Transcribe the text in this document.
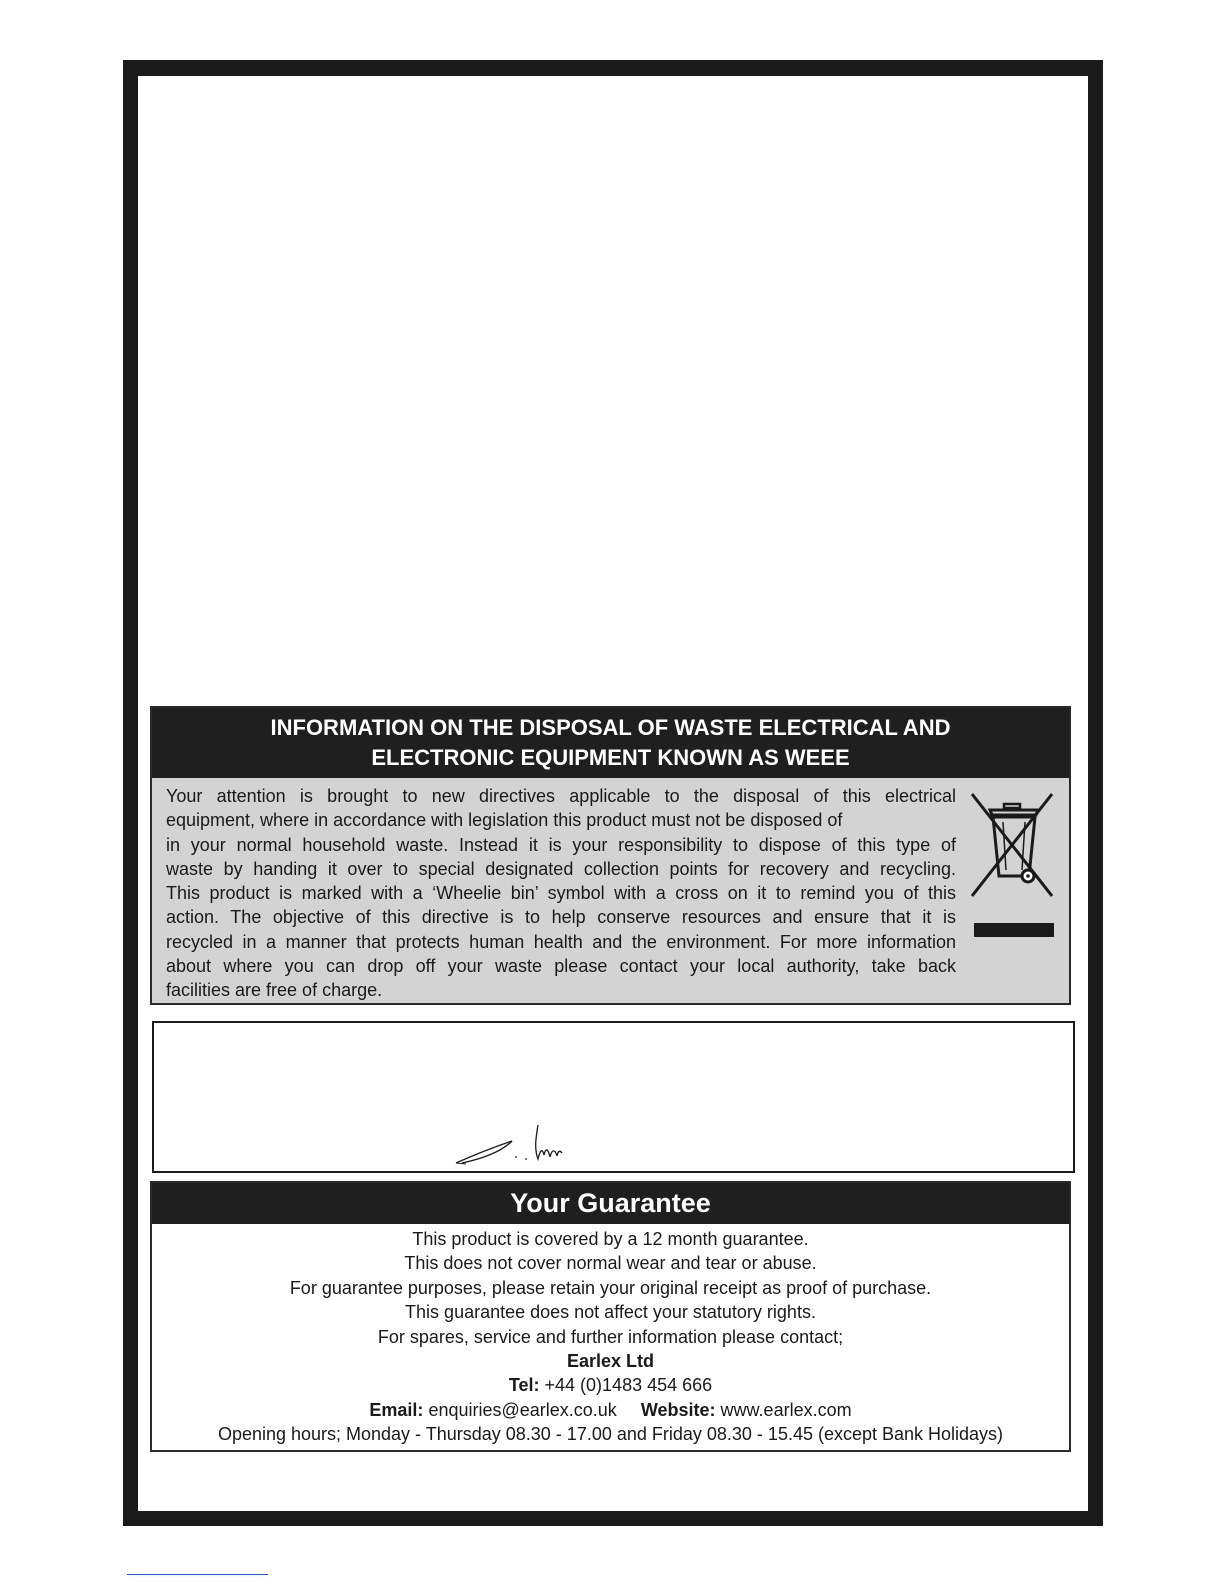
INFORMATION ON THE DISPOSAL OF WASTE ELECTRICAL AND
ELECTRONIC EQUIPMENT KNOWN AS WEEE
Your attention is brought to new directives applicable to the disposal of this electrical
equipment, where in accordance with legislation this product must not be disposed of
in your normal household waste. Instead it is your responsibility to dispose of this type of
waste by handing it over to special designated collection points for recovery and recycling.
This product is marked with a ‘Wheelie bin’ symbol with a cross on it to remind you of this
action. The objective of this directive is to help conserve resources and ensure that it is
recycled in a manner that protects human health and the environment. For more information
about where you can drop off your waste please contact your local authority, take back
facilities are free of charge.
Your Guarantee
This product is covered by a 12 month guarantee.
This does not cover normal wear and tear or abuse.
For guarantee purposes, please retain your original receipt as proof of purchase.
This guarantee does not affect your statutory rights.
For spares, service and further information please contact;
Earlex Ltd
Tel: +44 (0)1483 454 666
Email: enquiries@earlex.co.uk Website: www.earlex.com
Opening hours; Monday - Thursday 08.30 - 17.00 and Friday 08.30 - 15.45 (except Bank Holidays)
